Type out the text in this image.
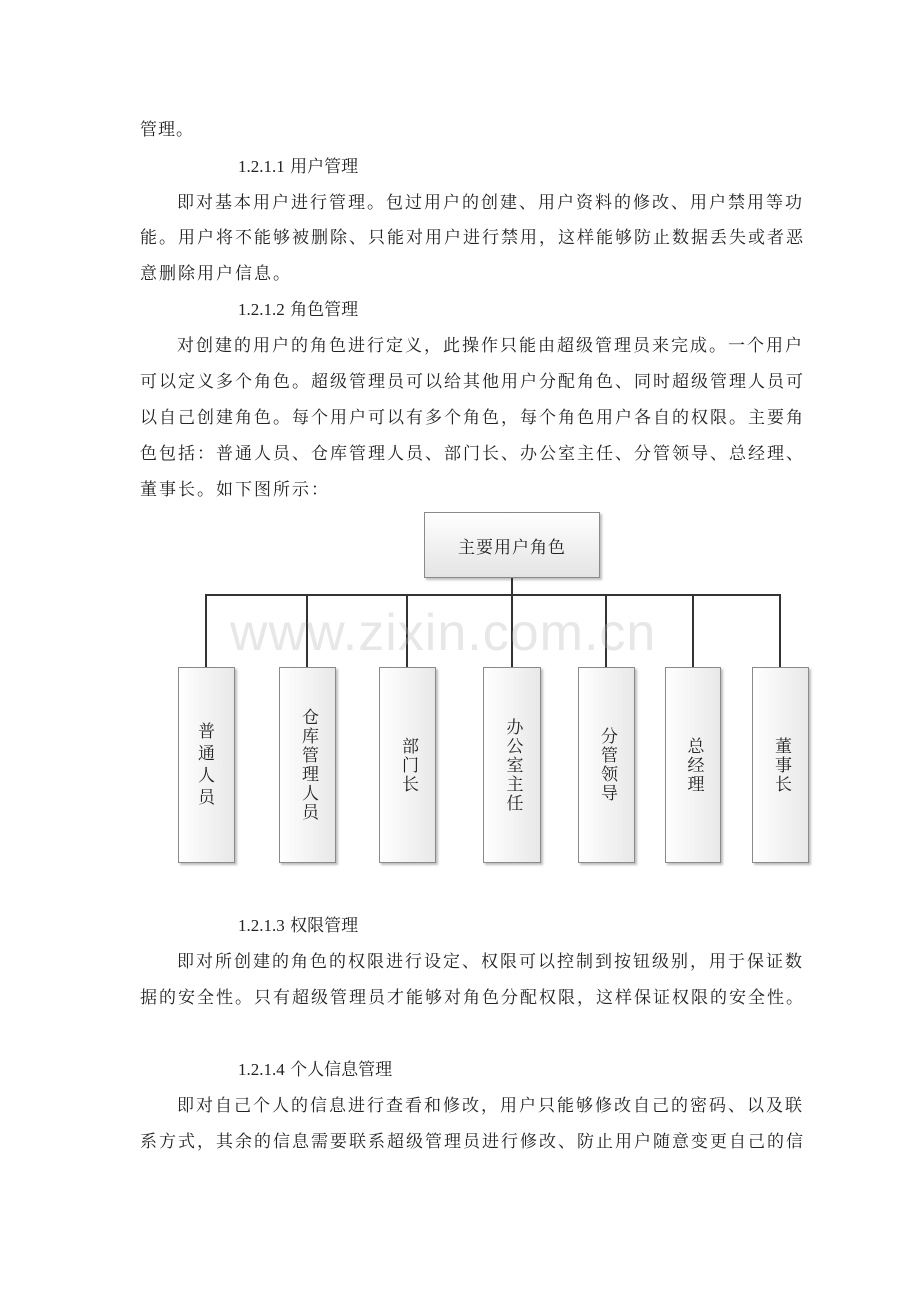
管理。
1.2.1.1 用户管理
即对基本用户进行管理。包过用户的创建、用户资料的修改、用户禁用等功
能。用户将不能够被删除、只能对用户进行禁用，这样能够防止数据丢失或者恶
意删除用户信息。
1.2.1.2 角色管理
对创建的用户的角色进行定义，此操作只能由超级管理员来完成。一个用户
可以定义多个角色。超级管理员可以给其他用户分配角色、同时超级管理人员可
以自己创建角色。每个用户可以有多个角色，每个角色用户各自的权限。主要角
色包括：普通人员、仓库管理人员、部门长、办公室主任、分管领导、总经理、
董事长。如下图所示：
主要用户角色
普通人员	仓库管理人员	部门长	办公室主任	分管领导	总经理	董事长
www.zixin.com.cn
1.2.1.3 权限管理
即对所创建的角色的权限进行设定、权限可以控制到按钮级别，用于保证数
据的安全性。只有超级管理员才能够对角色分配权限，这样保证权限的安全性。
1.2.1.4 个人信息管理
即对自己个人的信息进行查看和修改，用户只能够修改自己的密码、以及联
系方式，其余的信息需要联系超级管理员进行修改、防止用户随意变更自己的信
